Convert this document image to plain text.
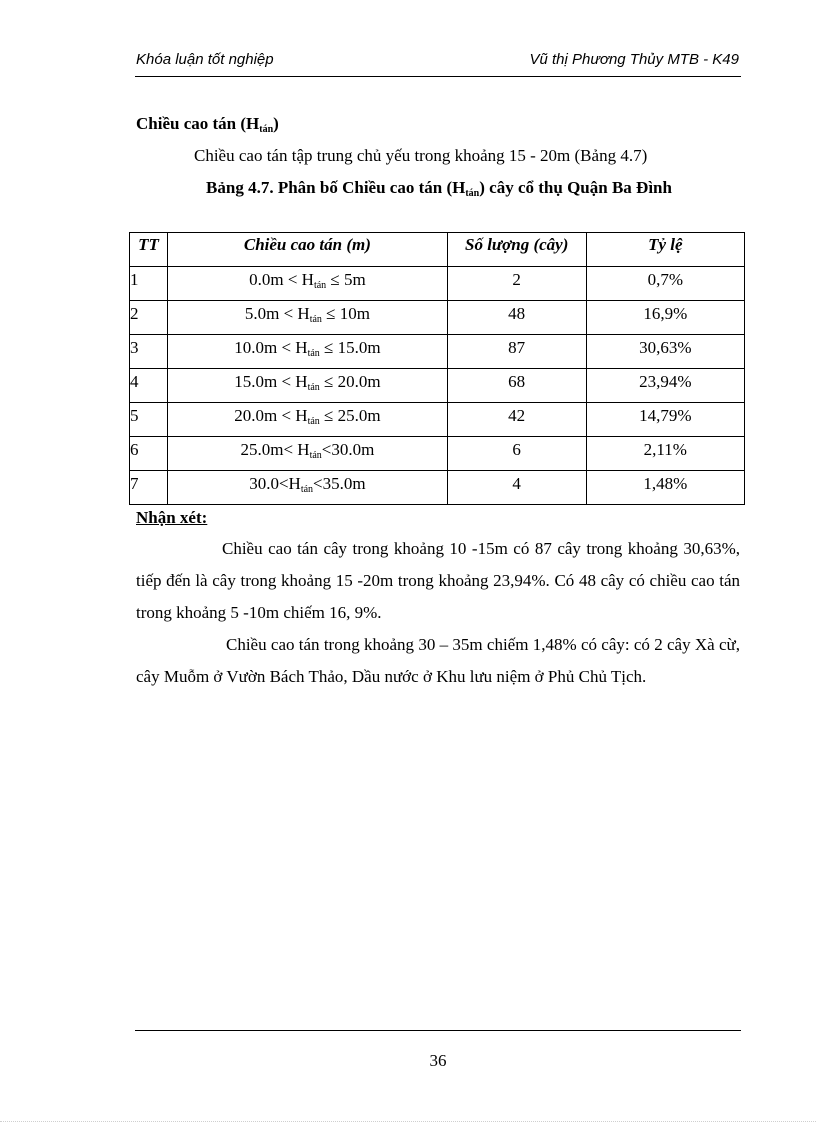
Khóa luận tốt nghiệp	Vũ thị Phương Thủy MTB - K49
Chiều cao tán $(H_{tán})$
Chiều cao tán tập trung chủ yếu trong khoảng 15 - 20m (Bảng 4.7)
Bảng 4.7. Phân bố Chiều cao tán $(H_{tán})$ cây cổ thụ Quận Ba Đình
TT	Chiều cao tán (m)	Số lượng (cây)	Tỷ lệ
1	$0.0m < H_{tán} \le 5m$	2	0,7%
2	$5.0m < H_{tán} \le 10m$	48	16,9%
3	$10.0m < H_{tán} \le 15.0m$	87	30,63%
4	$15.0m < H_{tán} \le 20.0m$	68	23,94%
5	$20.0m < H_{tán} \le 25.0m$	42	14,79%
6	$25.0m< H_{tán}<30.0m$	6	2,11%
7	$30.0<H_{tán}<35.0m$	4	1,48%
Nhận xét:
Chiều cao tán cây trong khoảng 10 -15m có 87 cây trong khoảng 30,63%, tiếp đến là cây trong khoảng 15 -20m trong khoảng 23,94%. Có 48 cây có chiều cao tán trong khoảng 5 -10m chiếm 16, 9%.
Chiều cao tán trong khoảng 30 – 35m chiếm 1,48% có cây: có 2 cây Xà cừ, cây Muỗm ở Vườn Bách Thảo, Dầu nước ở Khu lưu niệm ở Phủ Chủ Tịch.
36
